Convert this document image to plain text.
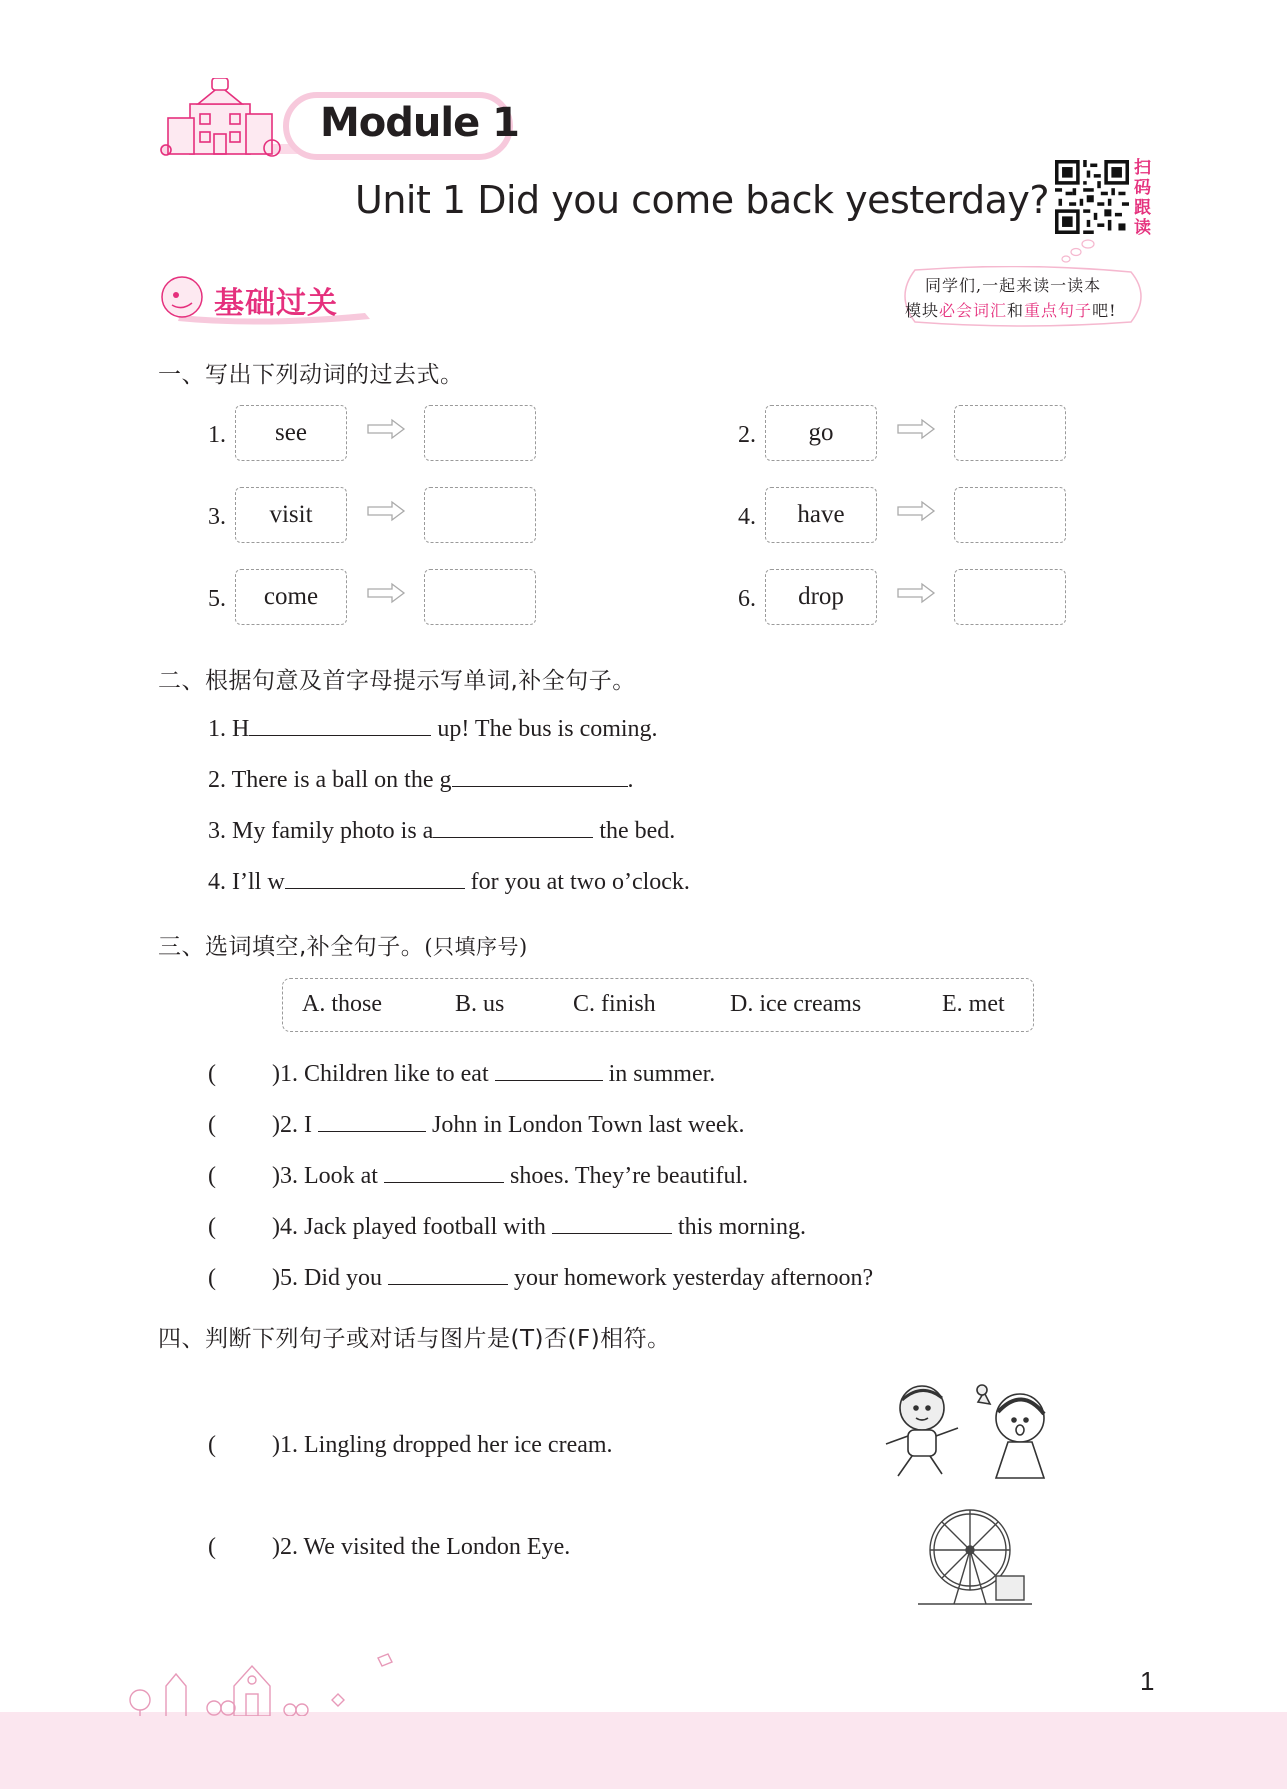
Module 1
Unit 1 Did you come back yesterday?
扫
码
跟
读
基础过关
同学们,一起来读一读本
模块必会词汇和重点句子吧!
一、写出下列动词的过去式。
1.	see	2.	go
3.	visit	4.	have
5.	come	6.	drop
二、根据句意及首字母提示写单词,补全句子。
1. H	up! The bus is coming.
2. There is a ball on the g	.
3. My family photo is a	the bed.
4. I’ll w	for you at two o’clock.
三、选词填空,补全句子。(只填序号)
A. those	B. us	C. finish	D. ice creams	E. met
( )1. Children like to eat	in summer.
( )2. I	John in London Town last week.
( )3. Look at	shoes. They’re beautiful.
( )4. Jack played football with	this morning.
( )5. Did you	your homework yesterday afternoon?
四、判断下列句子或对话与图片是(T)否(F)相符。
( )1. Lingling dropped her ice cream.
( )2. We visited the London Eye.
1
